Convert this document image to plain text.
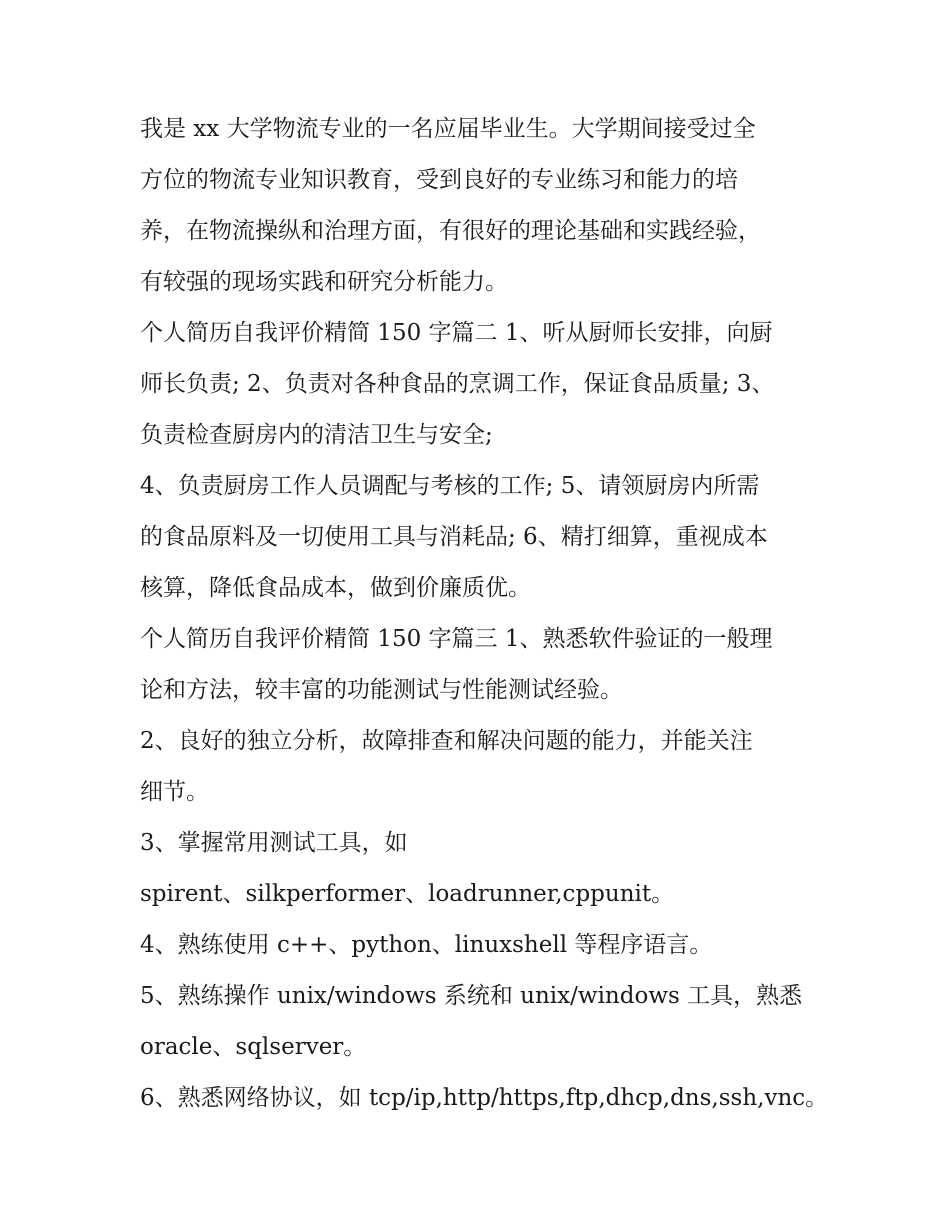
我是 xx 大学物流专业的一名应届毕业生。大学期间接受过全
方位的物流专业知识教育，受到良好的专业练习和能力的培
养，在物流操纵和治理方面，有很好的理论基础和实践经验，
有较强的现场实践和研究分析能力。
个人简历自我评价精简 150 字篇二 1、听从厨师长安排，向厨
师长负责; 2、负责对各种食品的烹调工作，保证食品质量; 3、
负责检查厨房内的清洁卫生与安全;
4、负责厨房工作人员调配与考核的工作; 5、请领厨房内所需
的食品原料及一切使用工具与消耗品; 6、精打细算，重视成本
核算，降低食品成本，做到价廉质优。
个人简历自我评价精简 150 字篇三 1、熟悉软件验证的一般理
论和方法，较丰富的功能测试与性能测试经验。
2、良好的独立分析，故障排查和解决问题的能力，并能关注
细节。
3、掌握常用测试工具，如
spirent、silkperformer、loadrunner,cppunit。
4、熟练使用 c++、python、linuxshell 等程序语言。
5、熟练操作 unix/windows 系统和 unix/windows 工具，熟悉
oracle、sqlserver。
6、熟悉网络协议，如 tcp/ip,http/https,ftp,dhcp,dns,ssh,vnc。
